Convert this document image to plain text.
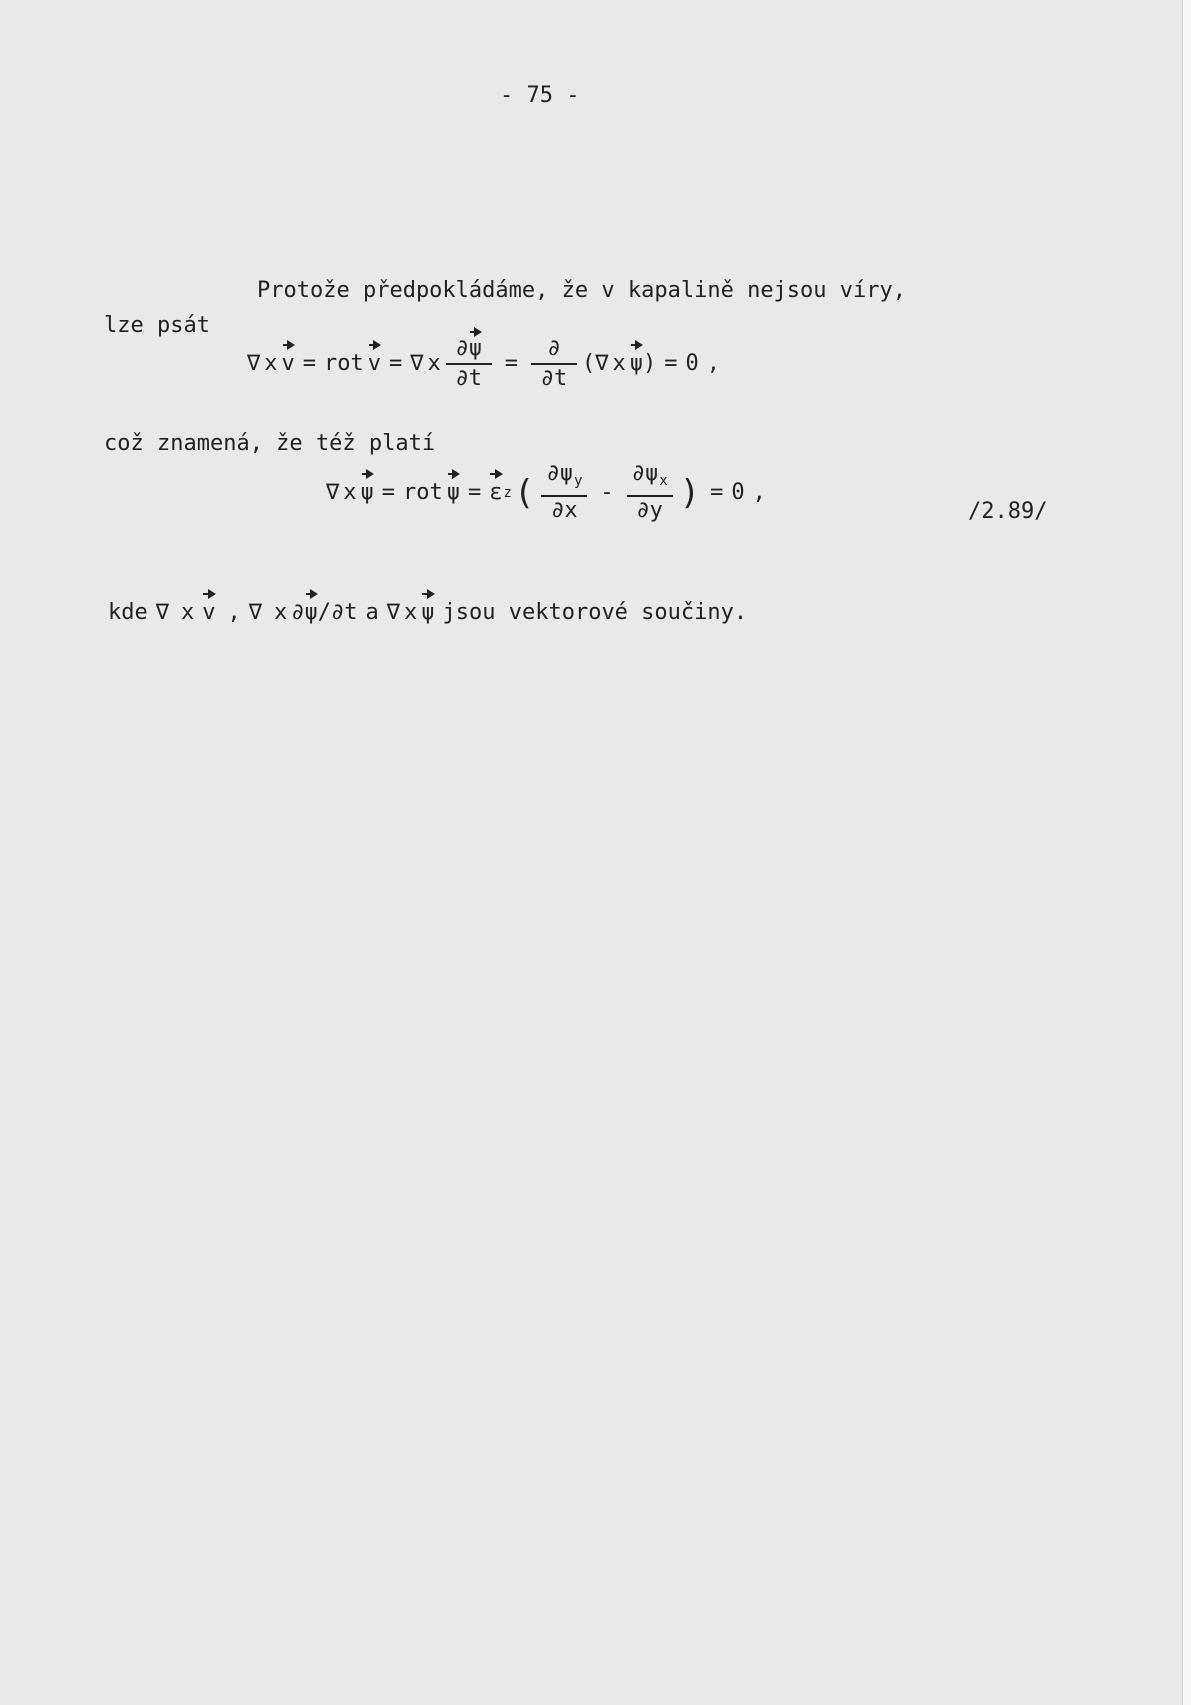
- 75 -
Protože předpokládáme, že v kapalině nejsou víry,
lze psát
∇ x v = rot v = ∇ x $\frac{\partial\psi}{\partial t} = \frac{\partial}{\partial t}$ ( ∇ x ψ ) = 0 ,
což znamená, že též platí
∇ x ψ = rot ψ = ε z ( $\frac{\partial\psi_y}{\partial x} - \frac{\partial\psi_x}{\partial y}$ ) = 0 ,
/2.89/
kde ∇ x v , ∇ x ∂ ψ / ∂ t a ∇ x ψ jsou vektorové součiny.
